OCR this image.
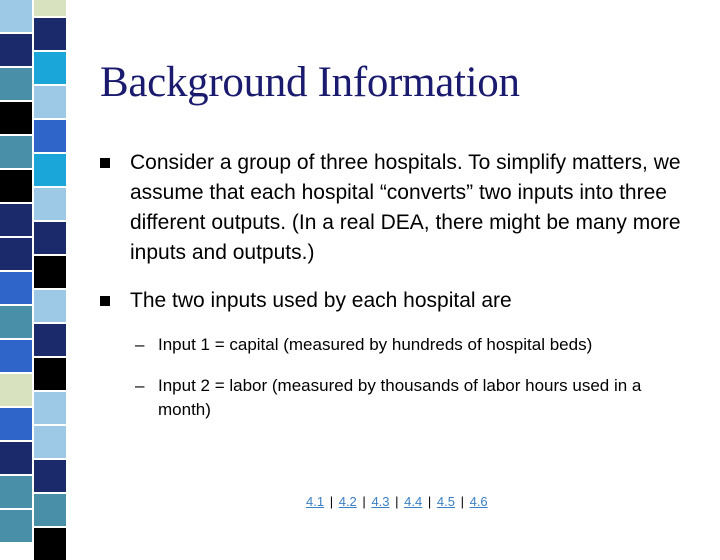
Background Information
Consider a group of three hospitals. To simplify matters, we assume that each hospital “converts” two inputs into three different outputs. (In a real DEA, there might be many more inputs and outputs.)
The two inputs used by each hospital are
– Input 1 = capital (measured by hundreds of hospital beds)
– Input 2 = labor (measured by thousands of labor hours used in a month)
4.1 | 4.2 | 4.3 | 4.4 | 4.5 | 4.6
